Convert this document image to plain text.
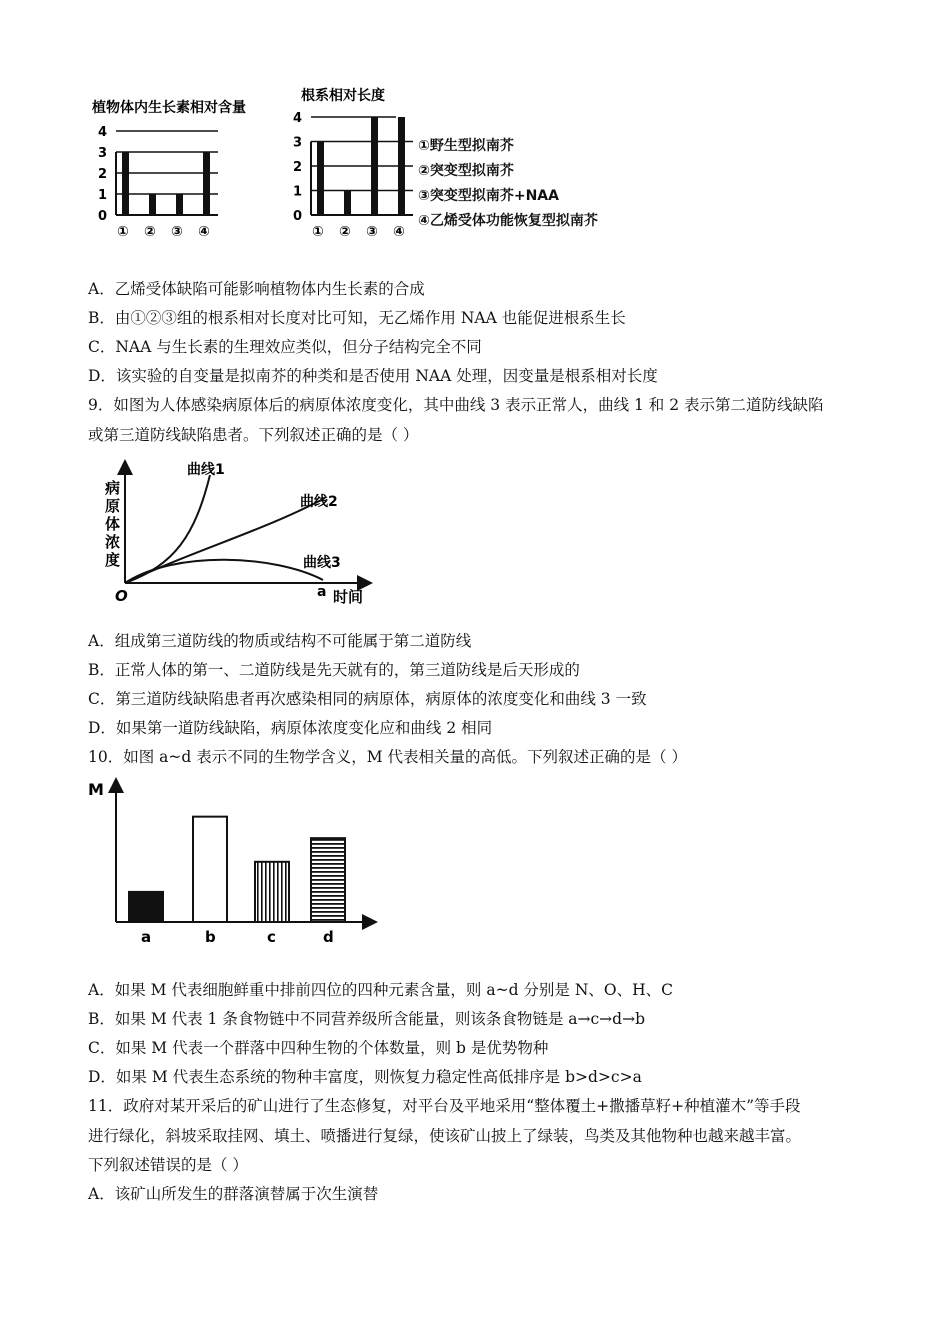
植物体内生长素相对含量
0
1
2
3
4
① ② ③ ④
根系相对长度
0
1
2
3
4
① ② ③ ④
①野生型拟南芥
②突变型拟南芥
③突变型拟南芥+NAA
④乙烯受体功能恢复型拟南芥
A．乙烯受体缺陷可能影响植物体内生长素的合成
B．由①②③组的根系相对长度对比可知，无乙烯作用 NAA 也能促进根系生长
C．NAA 与生长素的生理效应类似，但分子结构完全不同
D．该实验的自变量是拟南芥的种类和是否使用 NAA 处理，因变量是根系相对长度
9．如图为人体感染病原体后的病原体浓度变化，其中曲线 3 表示正常人，曲线 1 和 2 表示第二道防线缺陷
或第三道防线缺陷患者。下列叙述正确的是（ ）
病
原
体
浓
度
O	a 时间
曲线1
曲线2
曲线3
A．组成第三道防线的物质或结构不可能属于第二道防线
B．正常人体的第一、二道防线是先天就有的，第三道防线是后天形成的
C．第三道防线缺陷患者再次感染相同的病原体，病原体的浓度变化和曲线 3 一致
D．如果第一道防线缺陷，病原体浓度变化应和曲线 2 相同
10．如图 a~d 表示不同的生物学含义，M 代表相关量的高低。下列叙述正确的是（ ）
M
a	b	c	d
A．如果 M 代表细胞鲜重中排前四位的四种元素含量，则 a~d 分别是 N、O、H、C
B．如果 M 代表 1 条食物链中不同营养级所含能量，则该条食物链是 a→c→d→b
C．如果 M 代表一个群落中四种生物的个体数量，则 b 是优势物种
D．如果 M 代表生态系统的物种丰富度，则恢复力稳定性高低排序是 b>d>c>a
11．政府对某开采后的矿山进行了生态修复，对平台及平地采用“整体覆土+撒播草籽+种植灌木”等手段
进行绿化，斜坡采取挂网、填土、喷播进行复绿，使该矿山披上了绿装，鸟类及其他物种也越来越丰富。
下列叙述错误的是（ ）
A．该矿山所发生的群落演替属于次生演替
